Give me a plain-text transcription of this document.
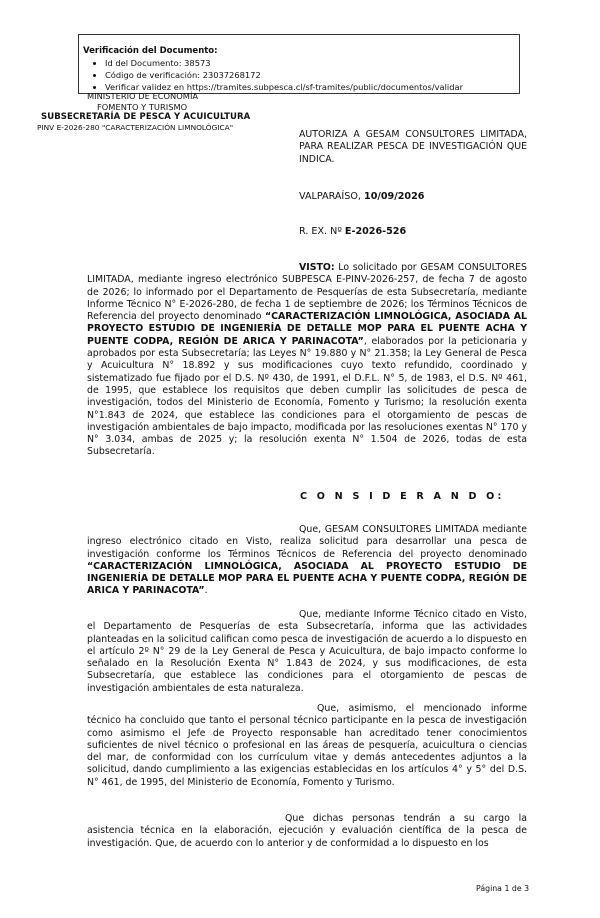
Verificación del Documento:
• Id del Documento: 38573
• Código de verificación: 23037268172
• Verificar validez en https://tramites.subpesca.cl/sf-tramites/public/documentos/validar
MINISTERIO DE ECONOMÍA
FOMENTO Y TURISMO
SUBSECRETARÍA DE PESCA Y ACUICULTURA
PINV E-2026-280 "CARACTERIZACIÓN LIMNOLÓGICA"
AUTORIZA A GESAM CONSULTORES LIMITADA, PARA REALIZAR PESCA DE INVESTIGACIÓN QUE INDICA.
VALPARAÍSO, 10/09/2026
R. EX. Nº E-2026-526
VISTO: Lo solicitado por GESAM CONSULTORES LIMITADA, mediante ingreso electrónico SUBPESCA E-PINV-2026-257, de fecha 7 de agosto de 2026; lo informado por el Departamento de Pesquerías de esta Subsecretaría, mediante Informe Técnico N° E-2026-280, de fecha 1 de septiembre de 2026; los Términos Técnicos de Referencia del proyecto denominado “CARACTERIZACIÓN LIMNOLÓGICA, ASOCIADA AL PROYECTO ESTUDIO DE INGENIERÍA DE DETALLE MOP PARA EL PUENTE ACHA Y PUENTE CODPA, REGIÓN DE ARICA Y PARINACOTA”, elaborados por la peticionaria y aprobados por esta Subsecretaría; las Leyes N° 19.880 y N° 21.358; la Ley General de Pesca y Acuicultura N° 18.892 y sus modificaciones cuyo texto refundido, coordinado y sistematizado fue fijado por el D.S. Nº 430, de 1991, el D.F.L. N° 5, de 1983, el D.S. Nº 461, de 1995, que establece los requisitos que deben cumplir las solicitudes de pesca de investigación, todos del Ministerio de Economía, Fomento y Turismo; la resolución exenta N°1.843 de 2024, que establece las condiciones para el otorgamiento de pescas de investigación ambientales de bajo impacto, modificada por las resoluciones exentas N° 170 y N° 3.034, ambas de 2025 y; la resolución exenta N° 1.504 de 2026, todas de esta Subsecretaría.
C O N S I D E R A N D O:
Que, GESAM CONSULTORES LIMITADA mediante ingreso electrónico citado en Visto, realiza solicitud para desarrollar una pesca de investigación conforme los Términos Técnicos de Referencia del proyecto denominado “CARACTERIZACIÓN LIMNOLÓGICA, ASOCIADA AL PROYECTO ESTUDIO DE INGENIERÍA DE DETALLE MOP PARA EL PUENTE ACHA Y PUENTE CODPA, REGIÓN DE ARICA Y PARINACOTA”.
Que, mediante Informe Técnico citado en Visto, el Departamento de Pesquerías de esta Subsecretaría, informa que las actividades planteadas en la solicitud califican como pesca de investigación de acuerdo a lo dispuesto en el artículo 2º N° 29 de la Ley General de Pesca y Acuicultura, de bajo impacto conforme lo señalado en la Resolución Exenta N° 1.843 de 2024, y sus modificaciones, de esta Subsecretaría, que establece las condiciones para el otorgamiento de pescas de investigación ambientales de esta naturaleza.
Que, asimismo, el mencionado informe técnico ha concluido que tanto el personal técnico participante en la pesca de investigación como asimismo el Jefe de Proyecto responsable han acreditado tener conocimientos suficientes de nivel técnico o profesional en las áreas de pesquería, acuicultura o ciencias del mar, de conformidad con los currículum vitae y demás antecedentes adjuntos a la solicitud, dando cumplimiento a las exigencias establecidas en los artículos 4° y 5° del D.S. N° 461, de 1995, del Ministerio de Economía, Fomento y Turismo.
Que dichas personas tendrán a su cargo la asistencia técnica en la elaboración, ejecución y evaluación científica de la pesca de investigación. Que, de acuerdo con lo anterior y de conformidad a lo dispuesto en los
Página 1 de 3
